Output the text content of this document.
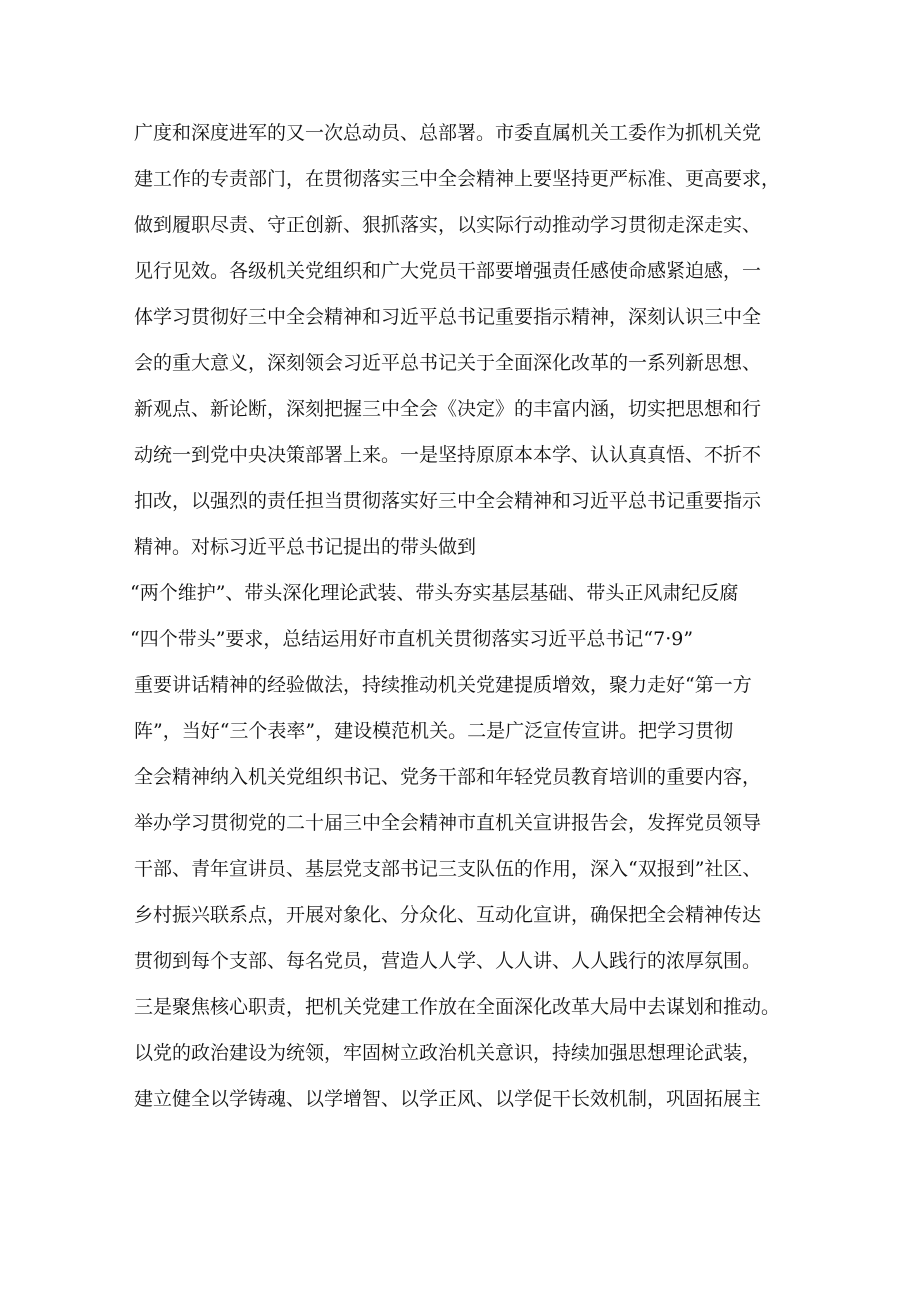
广度和深度进军的又一次总动员、总部署。市委直属机关工委作为抓机关党
建工作的专责部门，在贯彻落实三中全会精神上要坚持更严标准、更高要求，
做到履职尽责、守正创新、狠抓落实，以实际行动推动学习贯彻走深走实、
见行见效。各级机关党组织和广大党员干部要增强责任感使命感紧迫感，一
体学习贯彻好三中全会精神和习近平总书记重要指示精神，深刻认识三中全
会的重大意义，深刻领会习近平总书记关于全面深化改革的一系列新思想、
新观点、新论断，深刻把握三中全会《决定》的丰富内涵，切实把思想和行
动统一到党中央决策部署上来。一是坚持原原本本学、认认真真悟、不折不
扣改，以强烈的责任担当贯彻落实好三中全会精神和习近平总书记重要指示
精神。对标习近平总书记提出的带头做到
“两个维护”、带头深化理论武装、带头夯实基层基础、带头正风肃纪反腐
“四个带头”要求，总结运用好市直机关贯彻落实习近平总书记“7·9”
重要讲话精神的经验做法，持续推动机关党建提质增效，聚力走好“第一方
阵”，当好“三个表率”，建设模范机关。二是广泛宣传宣讲。把学习贯彻
全会精神纳入机关党组织书记、党务干部和年轻党员教育培训的重要内容，
举办学习贯彻党的二十届三中全会精神市直机关宣讲报告会，发挥党员领导
干部、青年宣讲员、基层党支部书记三支队伍的作用，深入“双报到”社区、
乡村振兴联系点，开展对象化、分众化、互动化宣讲，确保把全会精神传达
贯彻到每个支部、每名党员，营造人人学、人人讲、人人践行的浓厚氛围。
三是聚焦核心职责，把机关党建工作放在全面深化改革大局中去谋划和推动。
以党的政治建设为统领，牢固树立政治机关意识，持续加强思想理论武装，
建立健全以学铸魂、以学增智、以学正风、以学促干长效机制，巩固拓展主
